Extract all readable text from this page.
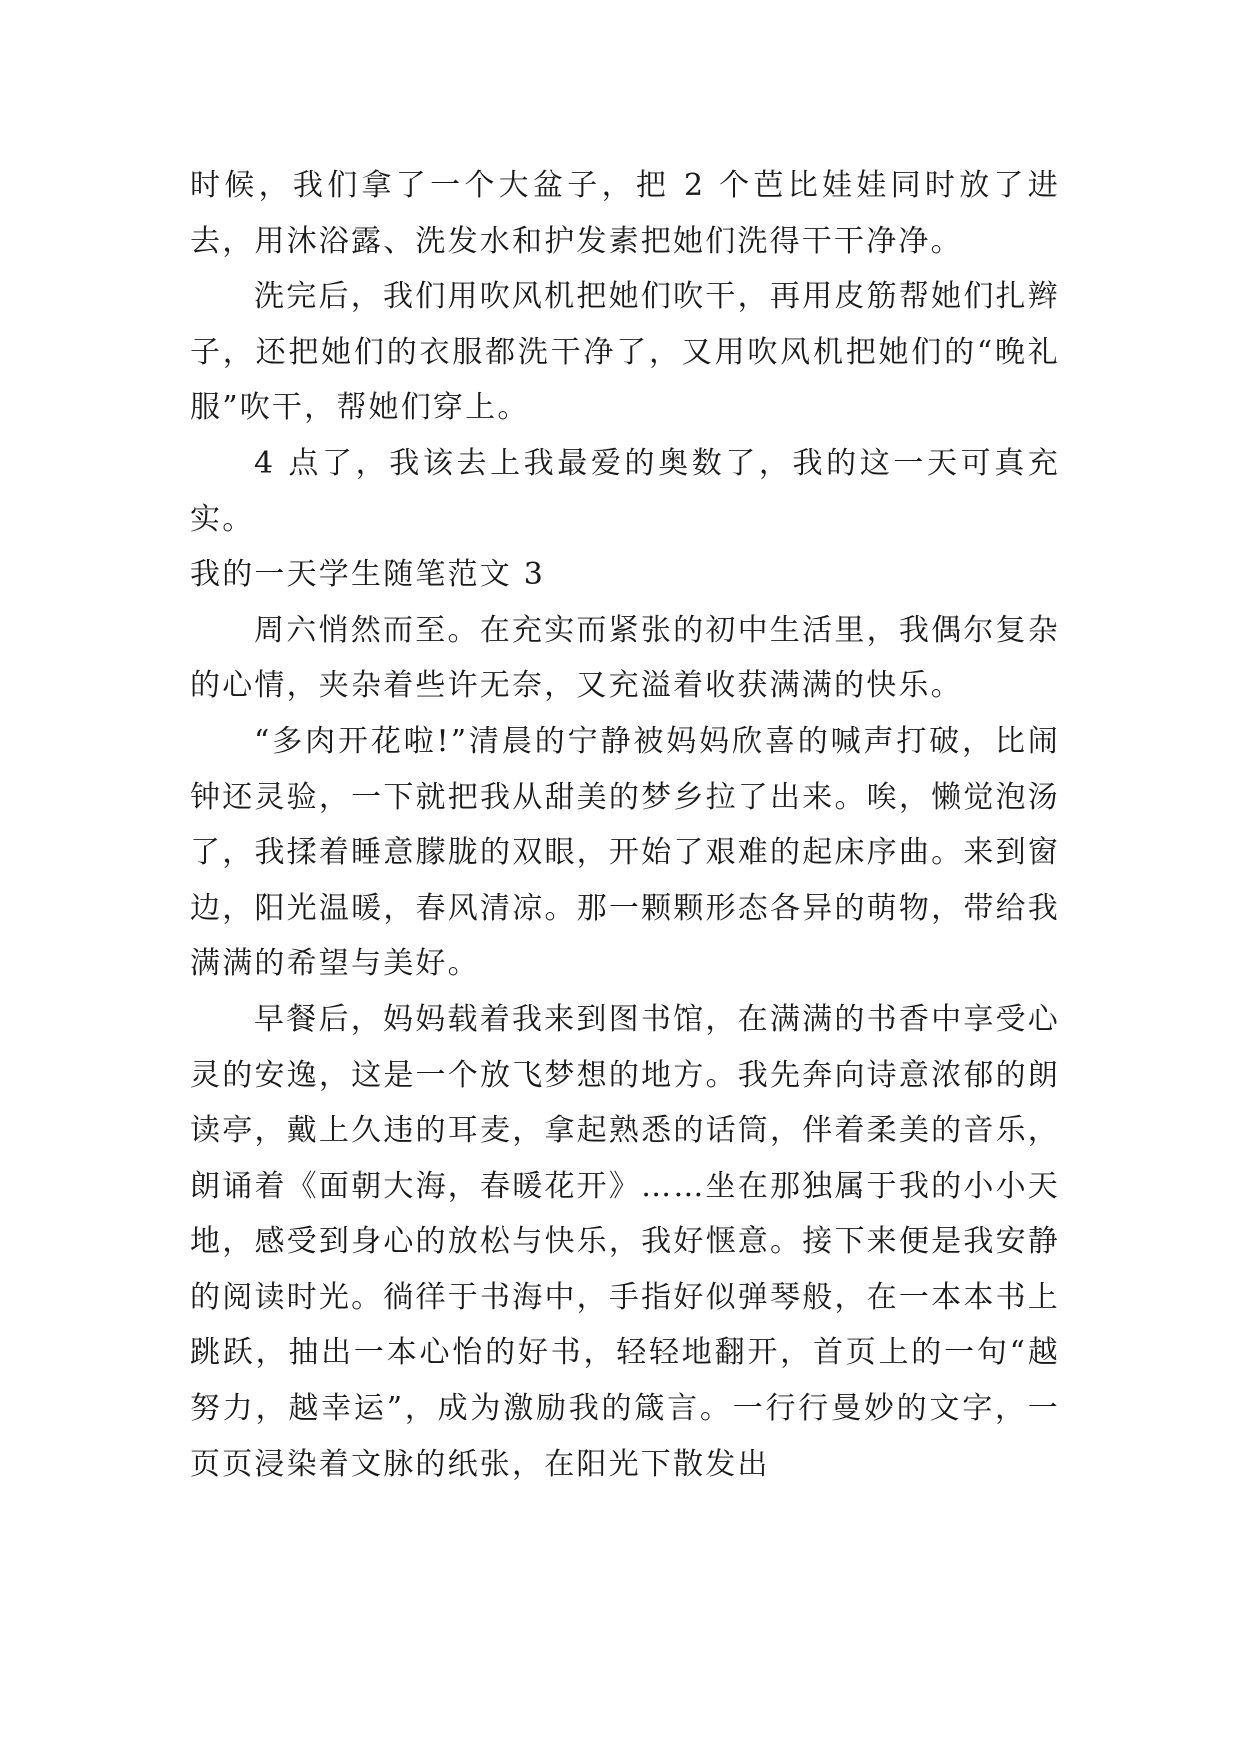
时候，我们拿了一个大盆子，把 2 个芭比娃娃同时放了进去，用沐浴露、洗发水和护发素把她们洗得干干净净。

洗完后，我们用吹风机把她们吹干，再用皮筋帮她们扎辫子，还把她们的衣服都洗干净了，又用吹风机把她们的“晚礼服”吹干，帮她们穿上。

4 点了，我该去上我最爱的奥数了，我的这一天可真充实。

我的一天学生随笔范文 3

周六悄然而至。在充实而紧张的初中生活里，我偶尔复杂的心情，夹杂着些许无奈，又充溢着收获满满的快乐。

“多肉开花啦!”清晨的宁静被妈妈欣喜的喊声打破，比闹钟还灵验，一下就把我从甜美的梦乡拉了出来。唉，懒觉泡汤了，我揉着睡意朦胧的双眼，开始了艰难的起床序曲。来到窗边，阳光温暖，春风清凉。那一颗颗形态各异的萌物，带给我满满的希望与美好。

早餐后，妈妈载着我来到图书馆，在满满的书香中享受心灵的安逸，这是一个放飞梦想的地方。我先奔向诗意浓郁的朗读亭，戴上久违的耳麦，拿起熟悉的话筒，伴着柔美的音乐，朗诵着《面朝大海，春暖花开》……坐在那独属于我的小小天地，感受到身心的放松与快乐，我好惬意。接下来便是我安静的阅读时光。徜徉于书海中，手指好似弹琴般，在一本本书上跳跃，抽出一本心怡的好书，轻轻地翻开，首页上的一句“越努力，越幸运”，成为激励我的箴言。一行行曼妙的文字，一页页浸染着文脉的纸张，在阳光下散发出
